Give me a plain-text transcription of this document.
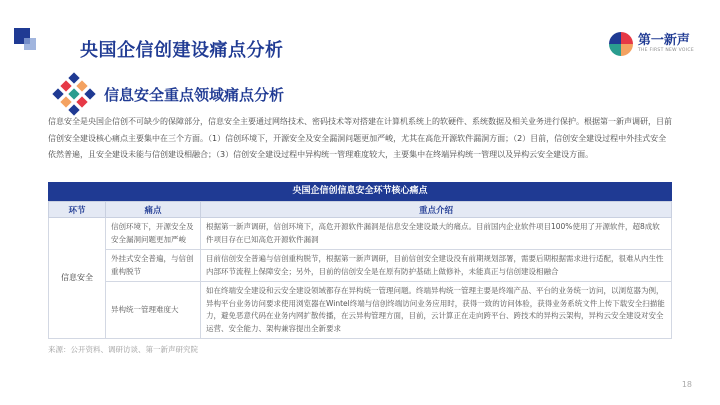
央国企信创建设痛点分析	第一新声
THE FIRST NEW VOICE
信息安全重点领域痛点分析

信息安全是央国企信创不可缺少的保障部分，信息安全主要通过网络技术、密码技术等对搭建在计算机系统上的软硬件、系统数据及相关业务进行保护。根据第一新声调研，目前信创安全建设核心痛点主要集中在三个方面。（1）信创环境下，开源安全及安全漏洞问题更加严峻，尤其在高危开源软件漏洞方面；（2）目前，信创安全建设过程中外挂式安全依然普遍，且安全建设未能与信创建设相融合；（3）信创安全建设过程中异构统一管理难度较大，主要集中在终端异构统一管理以及异构云安全建设方面。

央国企信创信息安全环节核心痛点
环节	痛点	重点介绍
信息安全	信创环境下，开源安全及安全漏洞问题更加严峻	根据第一新声调研，信创环境下，高危开源软件漏洞是信息安全建设最大的痛点。目前国内企业软件项目100%使用了开源软件，超8成软件项目存在已知高危开源软件漏洞
	外挂式安全普遍，与信创重构脱节	目前信创安全普遍与信创重构脱节，根据第一新声调研，目前信创安全建设没有前期规划部署，需要后期根据需求进行适配，很难从内生性内部环节流程上保障安全；另外，目前的信创安全是在原有防护基础上做修补，未能真正与信创建设相融合
	异构统一管理难度大	如在终端安全建设和云安全建设领域都存在异构统一管理问题。终端异构统一管理主要是终端产品、平台的业务统一访问，以浏览器为例，异构平台业务访问要求使用浏览器在Wintel终端与信创终端访问业务应用时，获得一致的访问体验，获得业务系统文件上传下载安全扫描能力，避免恶意代码在业务内网扩散传播，在云异构管理方面，目前，云计算正在走向跨平台、跨技术的异构云架构，异构云安全建设对安全运营、安全能力、架构兼容提出全新要求
来源：公开资料、调研访谈、第一新声研究院
18
